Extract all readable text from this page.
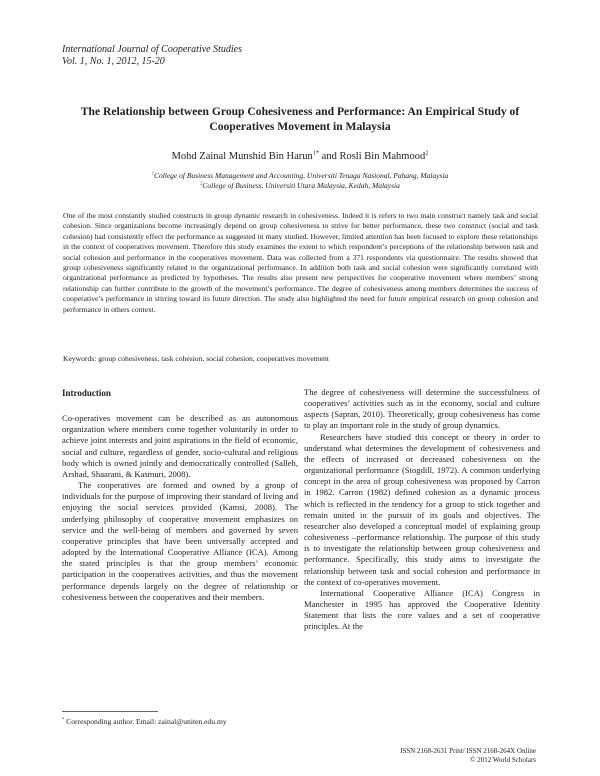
International Journal of Cooperative Studies
Vol. 1, No. 1, 2012, 15-20
The Relationship between Group Cohesiveness and Performance: An Empirical Study of Cooperatives Movement in Malaysia
Mohd Zainal Munshid Bin Harun$^{1*}$ and Rosli Bin Mahmood$^2$
$^1$College of Business Management and Accounting, Universiti Tenaga Nasional, Pahang, Malaysia
$^2$College of Business, Universiti Utara Malaysia, Kedah, Malaysia

One of the most constantly studied constructs in group dynamic research in cohesiveness. Indeed it is refers to two main construct namely task and social cohesion. Since organizations become increasingly depend on group cohesiveness to strive for better performance, these two construct (social and task cohesion) had consistently effect the performance as suggested in many studied. However, limited attention has been focused to explore these relationships in the context of cooperatives movement. Therefore this study examines the extent to which respondent’s perceptions of the relationship between task and social cohesion and performance in the cooperatives movement. Data was collected from a 371 respondents via questionnaire. The results showed that group cohesiveness significantly related to the organizational performance. In addition both task and social cohesion were significantly correlated with organizational performance as predicted by hypotheses. The results also present new perspectives for cooperative movement where members’ strong relationship can further contribute to the growth of the movement’s performance. The degree of cohesiveness among members determines the success of cooperative’s performance in stirring toward its future direction. The study also highlighted the need for future empirical research on group cohesion and performance in others context.

Keywords: group cohesiveness, task cohesion, social cohesion, cooperatives movement

Introduction

Co-operatives movement can be described as an autonomous organization where members come together voluntarily in order to achieve joint interests and joint aspirations in the field of economic, social and culture, regardless of gender, socio-cultural and religious body which is owned jointly and democratically controlled (Salleh, Arshad, Shaarani, & Kasmuri, 2008).

The cooperatives are formed and owned by a group of individuals for the purpose of improving their standard of living and enjoying the social services provided (Kamsi, 2008). The underlying philosophy of cooperative movement emphasizes on service and the well-being of members and governed by seven cooperative principles that have been universally accepted and adopted by the International Cooperative Alliance (ICA). Among the stated principles is that the group members’ economic participation in the cooperatives activities, and thus the movement performance depends largely on the degree of relationship or cohesiveness between the cooperatives and their members.

The degree of cohesiveness will determine the successfulness of cooperatives’ activities such as in the economy, social and culture aspects (Sapran, 2010). Theoretically, group cohesiveness has come to play an important role in the study of group dynamics.

Researchers have studied this concept or theory in order to understand what determines the development of cohesiveness and the effects of increased or decreased cohesiveness on the organizational performance (Stogdill, 1972). A common underlying concept in the area of group cohesiveness was proposed by Carron in 1982. Carron (1982) defined cohesion as a dynamic process which is reflected in the tendency for a group to stick together and remain united in the pursuit of its goals and objectives. The researcher also developed a conceptual model of explaining group cohesiveness –performance relationship. The purpose of this study is to investigate the relationship between group cohesiveness and performance. Specifically, this study aims to investigate the relationship between task and social cohesion and performance in the context of co-operatives movement.

International Cooperative Alliance (ICA) Congress in Manchester in 1995 has approved the Cooperative Identity Statement that lists the core values and a set of cooperative principles. At the

* Corresponding author. Email: zainal@uniten.edu.my
ISSN 2168-2631 Print/ ISSN 2168-264X Online
© 2012 World Scholars
